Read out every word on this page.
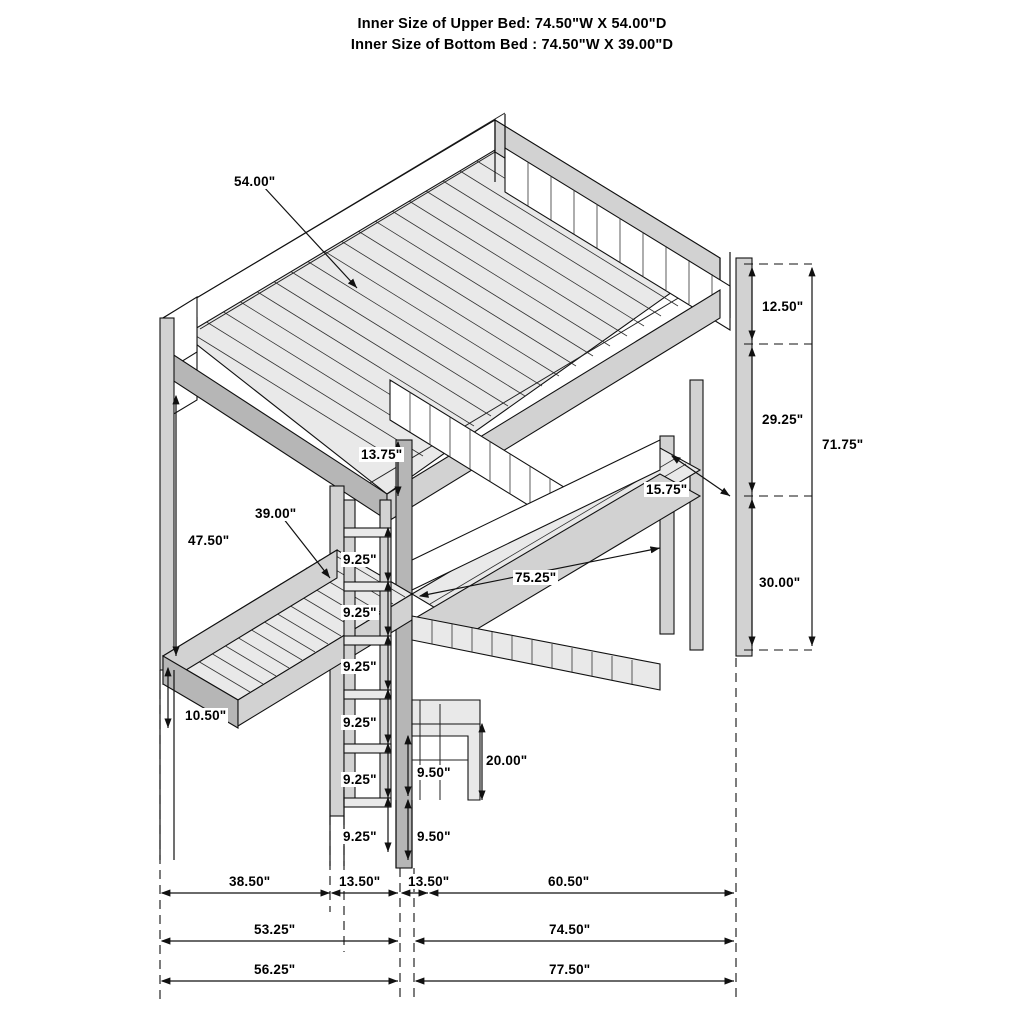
Inner Size of Upper Bed: 74.50"W X 54.00"D
Inner Size of Bottom Bed : 74.50"W X 39.00"D
54.00"
12.50"
29.25"
71.75"
13.75"
15.75"
39.00"
47.50"
9.25"
75.25"	30.00"
9.25"
9.25"
10.50"	9.25"
20.00"
9.50"
9.25"
9.50"
9.25"
38.50"	13.50" 13.50"	60.50"
53.25"	74.50"
56.25"	77.50"
